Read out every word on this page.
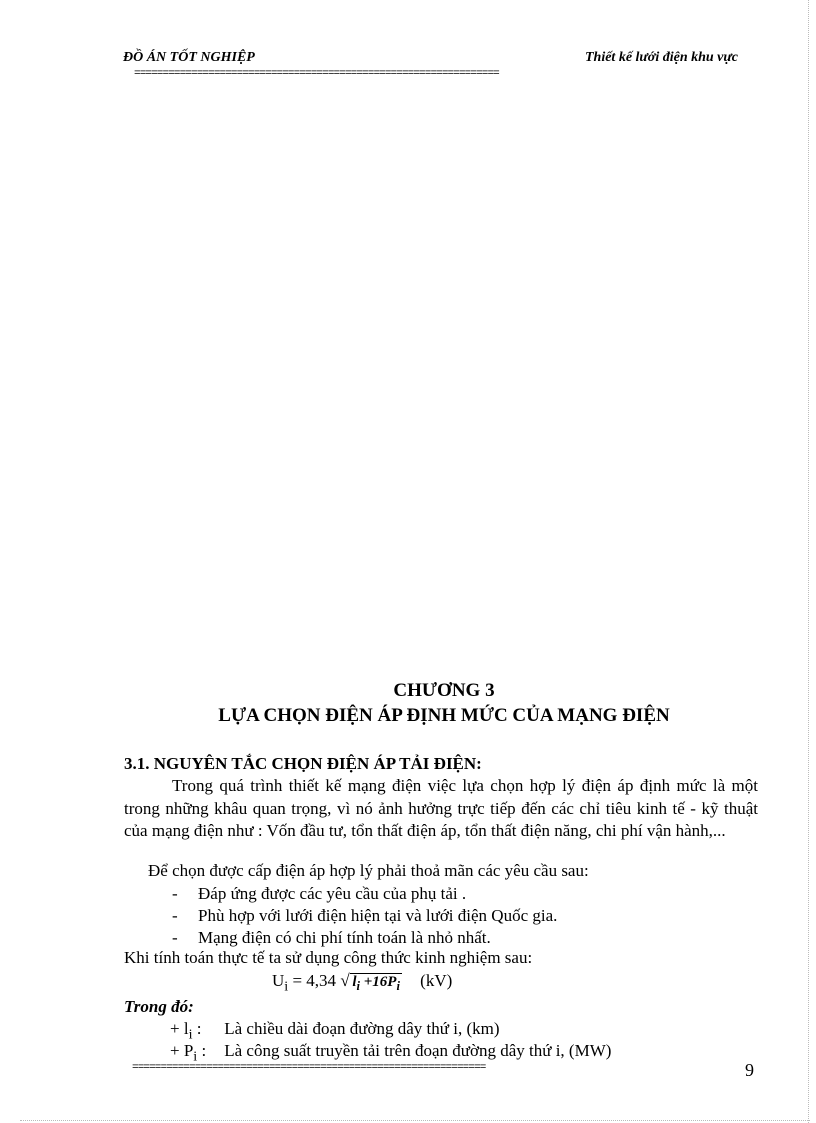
ĐỒ ÁN TỐT NGHIỆP	Thiết kế lưới điện khu vực
================================================================
CHƯƠNG 3
LỰA CHỌN ĐIỆN ÁP ĐỊNH MỨC CỦA MẠNG ĐIỆN
3.1. NGUYÊN TẮC CHỌN ĐIỆN ÁP TẢI ĐIỆN:

Trong quá trình thiết kế mạng điện việc lựa chọn hợp lý điện áp định mức là một trong những khâu quan trọng, vì nó ảnh hưởng trực tiếp đến các chỉ tiêu kinh tế - kỹ thuật của mạng điện như : Vốn đầu tư, tổn thất điện áp, tổn thất điện năng, chi phí vận hành,...

Để chọn được cấp điện áp hợp lý phải thoả mãn các yêu cầu sau:
- Đáp ứng được các yêu cầu của phụ tải .
- Phù hợp với lưới điện hiện tại và lưới điện Quốc gia.
- Mạng điện có chi phí tính toán là nhỏ nhất.
Khi tính toán thực tế ta sử dụng công thức kinh nghiệm sau:
$U_i = 4,34$ √ $l_i +16P_i$ (kV)
Trong đó:
+ $l_i$ : Là chiều dài đoạn đường dây thứ i, (km)
+ $P_i$ : Là công suất truyền tải trên đoạn đường dây thứ i, (MW)
==============================================================	9
